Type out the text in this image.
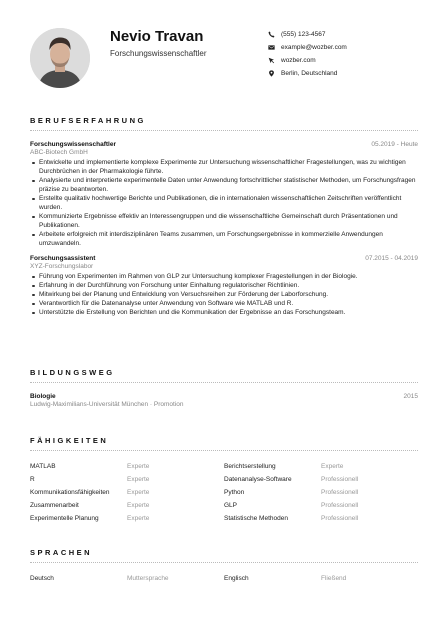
Nevio Travan
Forschungswissenschaftler
(555) 123-4567
example@wozber.com
wozber.com
Berlin, Deutschland
BERUFSERFAHRUNG
Forschungswissenschaftler	05.2019 - Heute
ABC-Biotech GmbH
Entwickelte und implementierte komplexe Experimente zur Untersuchung wissenschaftlicher Fragestellungen, was zu wichtigen Durchbrüchen in der Pharmakologie führte.
Analysierte und interpretierte experimentelle Daten unter Anwendung fortschrittlicher statistischer Methoden, um Forschungsfragen präzise zu beantworten.
Erstellte qualitativ hochwertige Berichte und Publikationen, die in internationalen wissenschaftlichen Zeitschriften veröffentlicht wurden.
Kommunizierte Ergebnisse effektiv an Interessengruppen und die wissenschaftliche Gemeinschaft durch Präsentationen und Publikationen.
Arbeitete erfolgreich mit interdisziplinären Teams zusammen, um Forschungsergebnisse in kommerzielle Anwendungen umzuwandeln.
Forschungsassistent	07.2015 - 04.2019
XYZ-Forschungslabor
Führung von Experimenten im Rahmen von GLP zur Untersuchung komplexer Fragestellungen in der Biologie.
Erfahrung in der Durchführung von Forschung unter Einhaltung regulatorischer Richtlinien.
Mitwirkung bei der Planung und Entwicklung von Versuchsreihen zur Förderung der Laborforschung.
Verantwortlich für die Datenanalyse unter Anwendung von Software wie MATLAB und R.
Unterstützte die Erstellung von Berichten und die Kommunikation der Ergebnisse an das Forschungsteam.
BILDUNGSWEG
Biologie	2015
Ludwig-Maximilians-Universität München · Promotion
FÄHIGKEITEN
MATLAB	Experte	Berichtserstellung	Experte
R	Experte	Datenanalyse-Software	Professionell
Kommunikationsfähigkeiten	Experte	Python	Professionell
Zusammenarbeit	Experte	GLP	Professionell
Experimentelle Planung	Experte	Statistische Methoden	Professionell
SPRACHEN
Deutsch	Muttersprache	Englisch	Fließend
